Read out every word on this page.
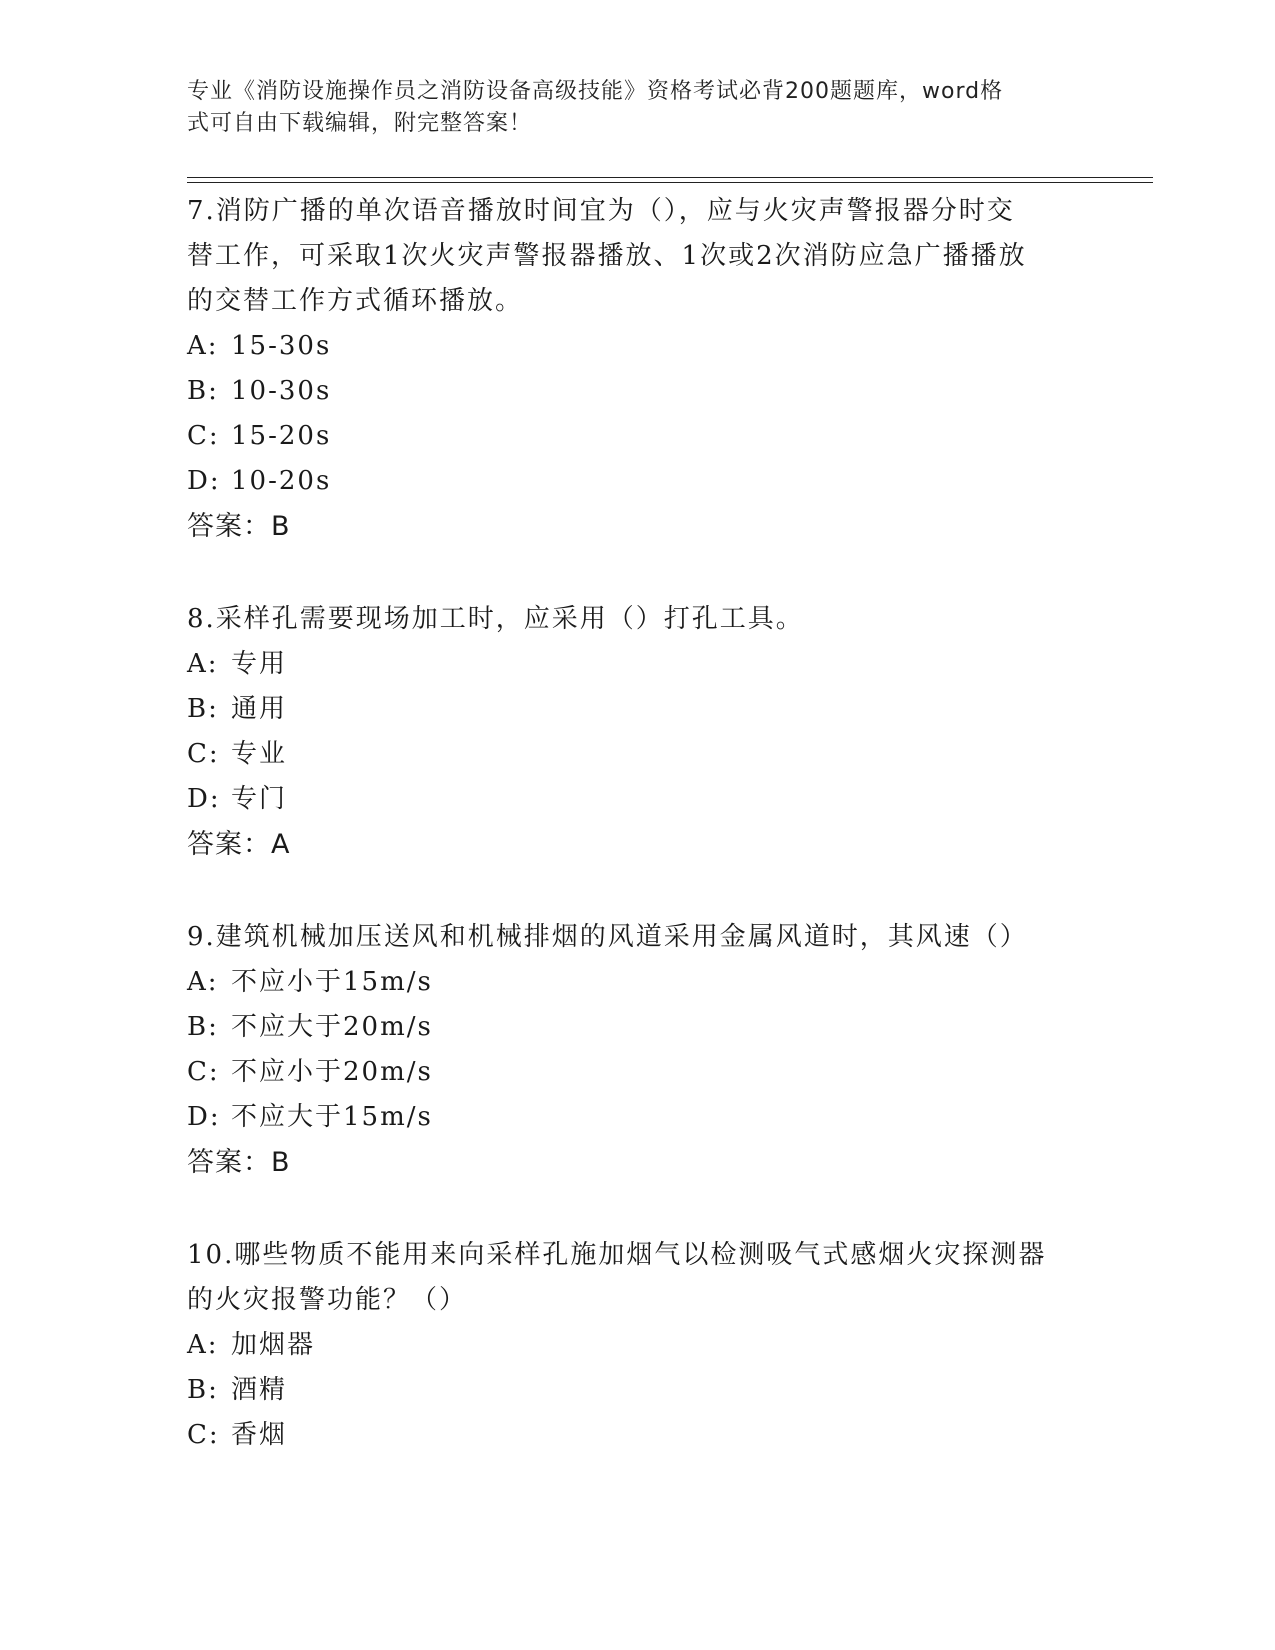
专业《消防设施操作员之消防设备高级技能》资格考试必背200题题库，word格
式可自由下载编辑，附完整答案！
7.消防广播的单次语音播放时间宜为（），应与火灾声警报器分时交
替工作，可采取1次火灾声警报器播放、1次或2次消防应急广播播放
的交替工作方式循环播放。
A: 15-30s
B: 10-30s
C: 15-20s
D: 10-20s
答案：B
8.采样孔需要现场加工时，应采用（）打孔工具。
A: 专用
B: 通用
C: 专业
D: 专门
答案：A
9.建筑机械加压送风和机械排烟的风道采用金属风道时，其风速（）
A: 不应小于15m/s
B: 不应大于20m/s
C: 不应小于20m/s
D: 不应大于15m/s
答案：B
10.哪些物质不能用来向采样孔施加烟气以检测吸气式感烟火灾探测器
的火灾报警功能？（）
A: 加烟器
B: 酒精
C: 香烟
